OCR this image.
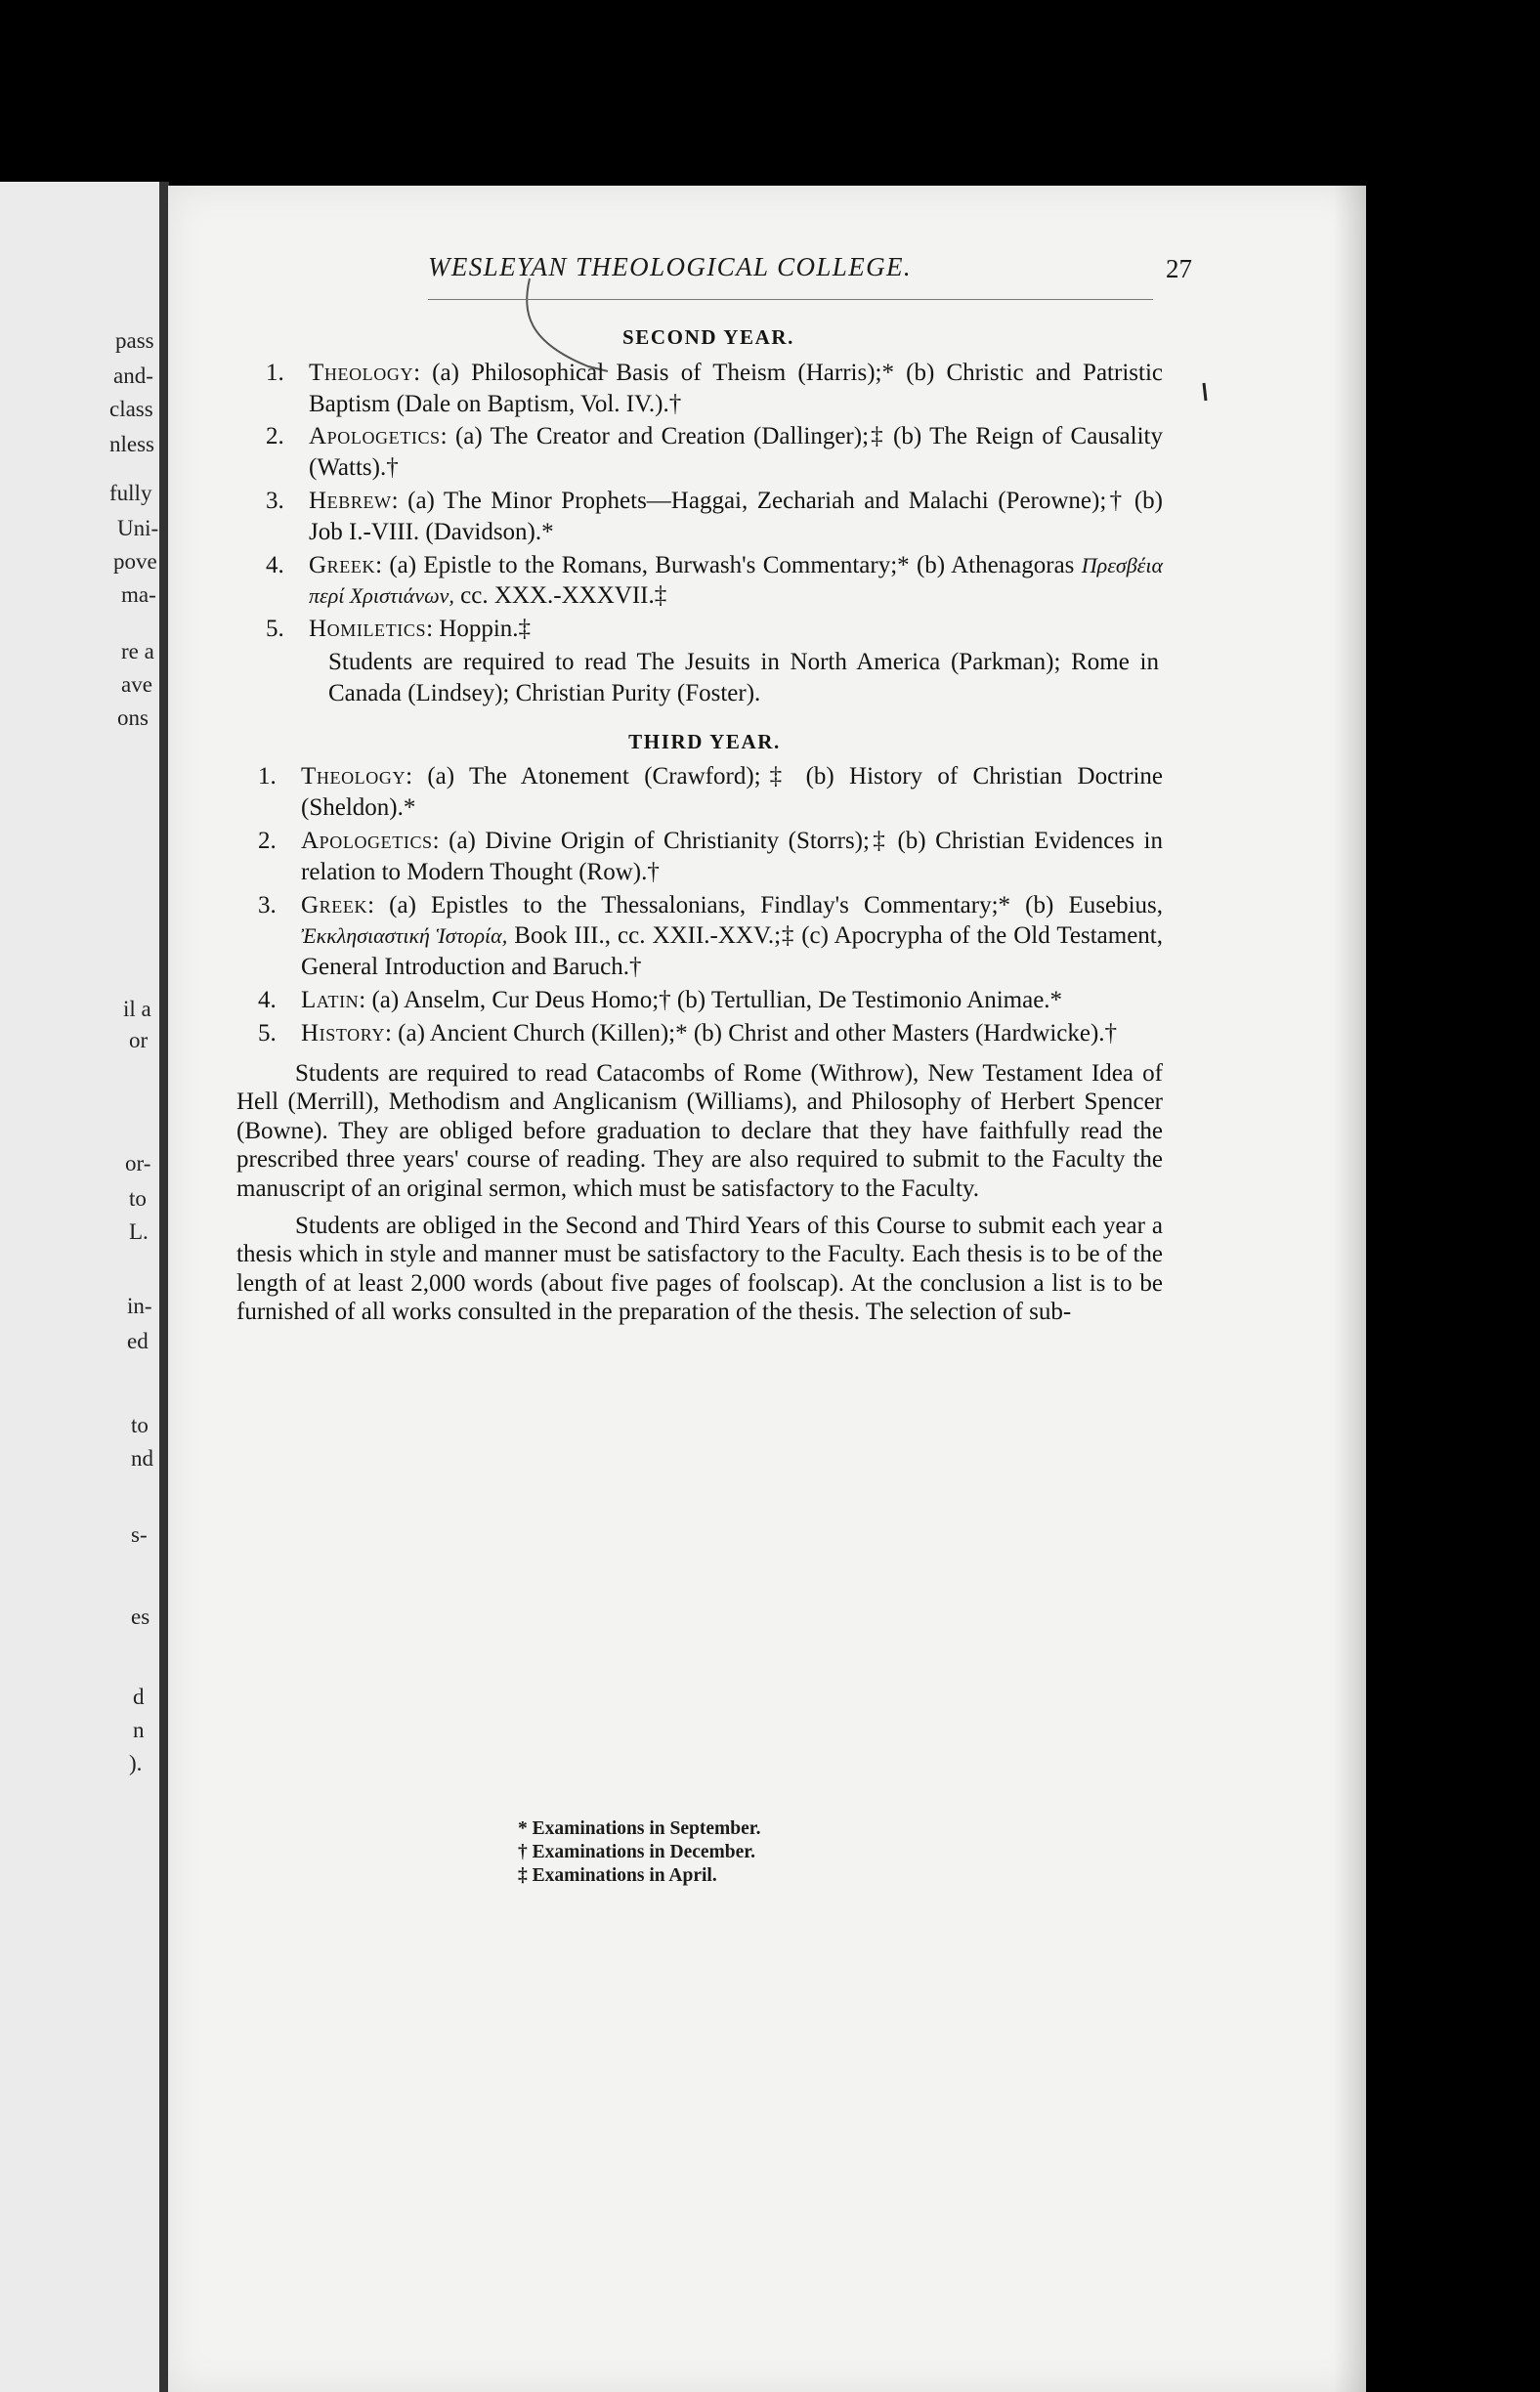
pass
and-
class
nless
fully
Uni-
pove
ma-
re a
ave
ons
il a
or
or-
to
L.
in-
ed
to
nd
s-
es
d
n
).
WESLEYAN THEOLOGICAL COLLEGE.	27
SECOND YEAR.
1. Theology: (a) Philosophical Basis of Theism (Harris);* (b) Christic and Patristic Baptism (Dale on Baptism, Vol. IV.).†
2. Apologetics: (a) The Creator and Creation (Dallinger);‡ (b) The Reign of Causality (Watts).†
3. Hebrew: (a) The Minor Prophets—Haggai, Zechariah and Malachi (Perowne);† (b) Job I.-VIII. (Davidson).*
4. Greek: (a) Epistle to the Romans, Burwash's Commentary;* (b) Athenagoras Πρεσβέια περί Χριστιάνων, cc. XXX.-XXXVII.‡
5. Homiletics: Hoppin.‡
Students are required to read The Jesuits in North America (Parkman); Rome in Canada (Lindsey); Christian Purity (Foster).
THIRD YEAR.
1. Theology: (a) The Atonement (Crawford);‡ (b) History of Christian Doctrine (Sheldon).*
2. Apologetics: (a) Divine Origin of Christianity (Storrs);‡ (b) Christian Evidences in relation to Modern Thought (Row).†
3. Greek: (a) Epistles to the Thessalonians, Findlay's Commentary;* (b) Eusebius, Ἐκκλησιαστική Ἱστορία, Book III., cc. XXII.-XXV.;‡ (c) Apocrypha of the Old Testament, General Introduction and Baruch.†
4. Latin: (a) Anselm, Cur Deus Homo;† (b) Tertullian, De Testimonio Animae.*
5. History: (a) Ancient Church (Killen);* (b) Christ and other Masters (Hardwicke).†

Students are required to read Catacombs of Rome (Withrow), New Testament Idea of Hell (Merrill), Methodism and Anglicanism (Williams), and Philosophy of Herbert Spencer (Bowne). They are obliged before graduation to declare that they have faithfully read the prescribed three years' course of reading. They are also required to submit to the Faculty the manuscript of an original sermon, which must be satisfactory to the Faculty.

Students are obliged in the Second and Third Years of this Course to submit each year a thesis which in style and manner must be satisfactory to the Faculty. Each thesis is to be of the length of at least 2,000 words (about five pages of foolscap). At the conclusion a list is to be furnished of all works consulted in the preparation of the thesis. The selection of sub-

* Examinations in September.
† Examinations in December.
‡ Examinations in April.
